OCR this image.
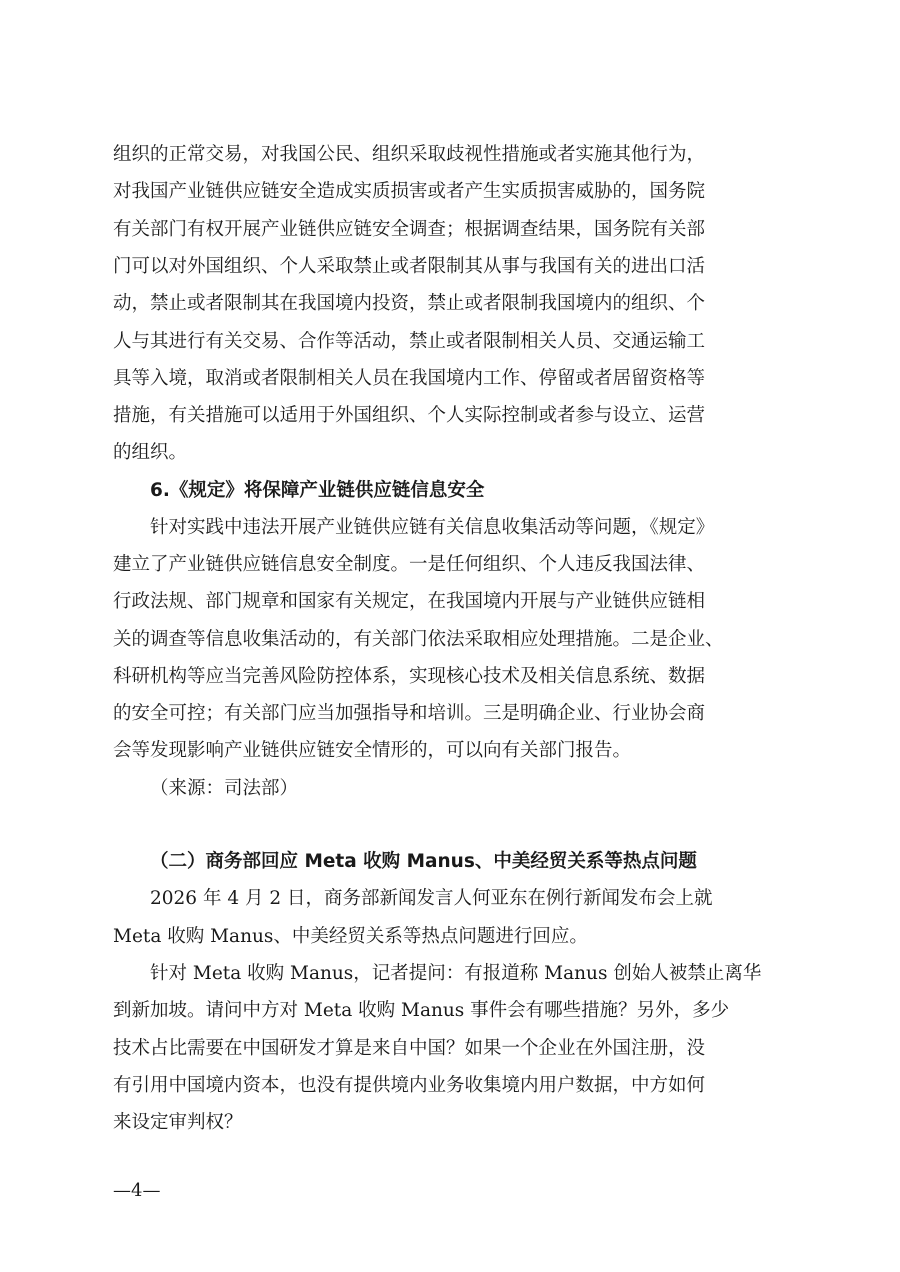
组织的正常交易，对我国公民、组织采取歧视性措施或者实施其他行为，
对我国产业链供应链安全造成实质损害或者产生实质损害威胁的，国务院
有关部门有权开展产业链供应链安全调查；根据调查结果，国务院有关部
门可以对外国组织、个人采取禁止或者限制其从事与我国有关的进出口活
动，禁止或者限制其在我国境内投资，禁止或者限制我国境内的组织、个
人与其进行有关交易、合作等活动，禁止或者限制相关人员、交通运输工
具等入境，取消或者限制相关人员在我国境内工作、停留或者居留资格等
措施，有关措施可以适用于外国组织、个人实际控制或者参与设立、运营
的组织。
6.《规定》将保障产业链供应链信息安全
针对实践中违法开展产业链供应链有关信息收集活动等问题，《规定》
建立了产业链供应链信息安全制度。一是任何组织、个人违反我国法律、
行政法规、部门规章和国家有关规定，在我国境内开展与产业链供应链相
关的调查等信息收集活动的，有关部门依法采取相应处理措施。二是企业、
科研机构等应当完善风险防控体系，实现核心技术及相关信息系统、数据
的安全可控；有关部门应当加强指导和培训。三是明确企业、行业协会商
会等发现影响产业链供应链安全情形的，可以向有关部门报告。
（来源：司法部）
（二）商务部回应 Meta 收购 Manus、中美经贸关系等热点问题
2026 年 4 月 2 日，商务部新闻发言人何亚东在例行新闻发布会上就
Meta 收购 Manus、中美经贸关系等热点问题进行回应。
针对 Meta 收购 Manus，记者提问：有报道称 Manus 创始人被禁止离华
到新加坡。请问中方对 Meta 收购 Manus 事件会有哪些措施？另外，多少
技术占比需要在中国研发才算是来自中国？如果一个企业在外国注册，没
有引用中国境内资本，也没有提供境内业务收集境内用户数据，中方如何
来设定审判权？
—4—
